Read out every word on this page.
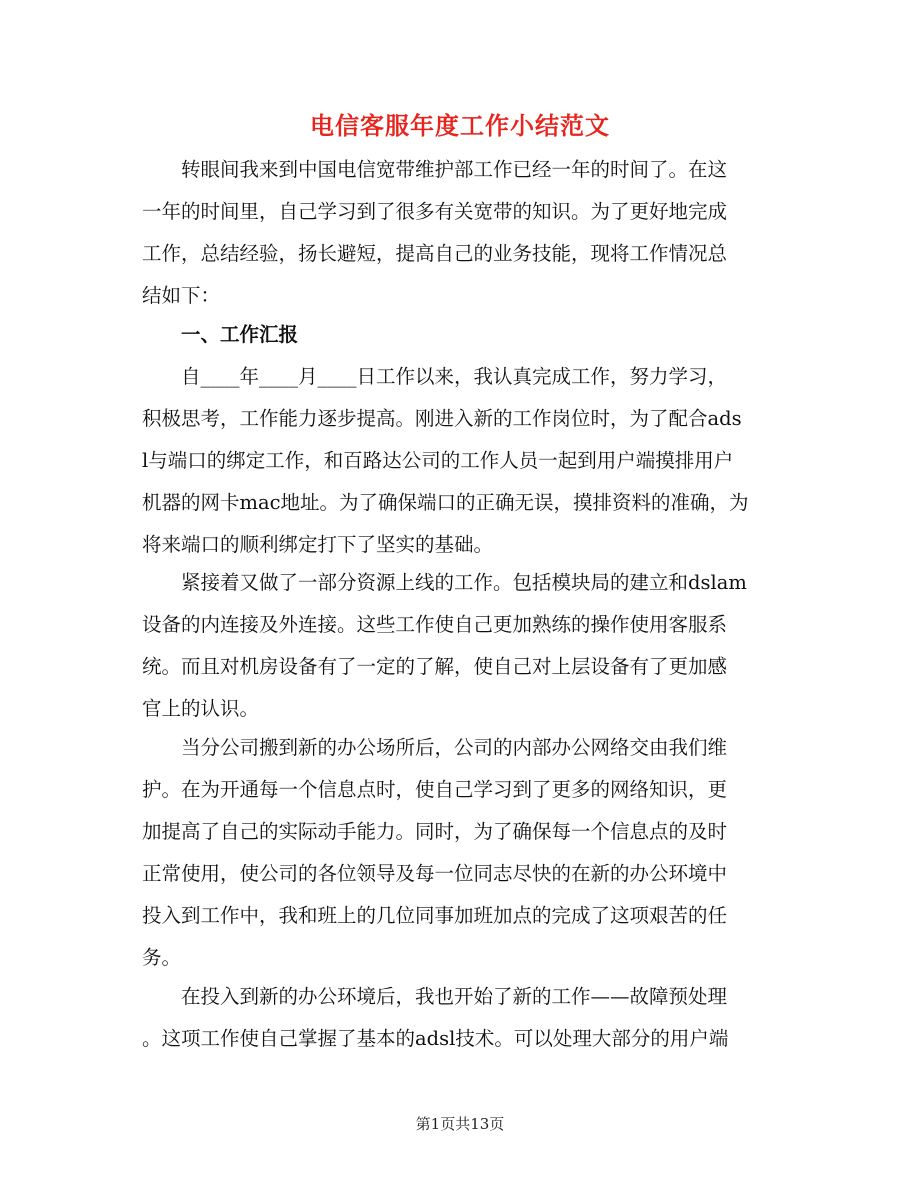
电信客服年度工作小结范文
转眼间我来到中国电信宽带维护部工作已经一年的时间了。在这
一年的时间里，自己学习到了很多有关宽带的知识。为了更好地完成
工作，总结经验，扬长避短，提高自己的业务技能，现将工作情况总
结如下：
一、工作汇报
自____年____月____日工作以来，我认真完成工作，努力学习，
积极思考，工作能力逐步提高。刚进入新的工作岗位时，为了配合ads
l与端口的绑定工作，和百路达公司的工作人员一起到用户端摸排用户
机器的网卡mac地址。为了确保端口的正确无误，摸排资料的准确，为
将来端口的顺利绑定打下了坚实的基础。
紧接着又做了一部分资源上线的工作。包括模块局的建立和dslam
设备的内连接及外连接。这些工作使自己更加熟练的操作使用客服系
统。而且对机房设备有了一定的了解，使自己对上层设备有了更加感
官上的认识。
当分公司搬到新的办公场所后，公司的内部办公网络交由我们维
护。在为开通每一个信息点时，使自己学习到了更多的网络知识，更
加提高了自己的实际动手能力。同时，为了确保每一个信息点的及时
正常使用，使公司的各位领导及每一位同志尽快的在新的办公环境中
投入到工作中，我和班上的几位同事加班加点的完成了这项艰苦的任
务。
在投入到新的办公环境后，我也开始了新的工作——故障预处理
。这项工作使自己掌握了基本的adsl技术。可以处理大部分的用户端
第1页共13页
